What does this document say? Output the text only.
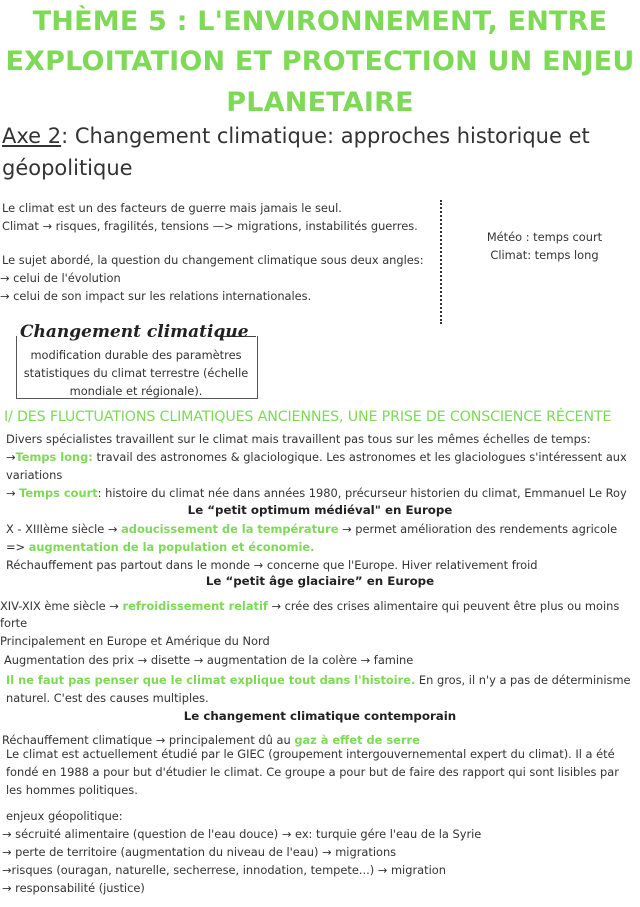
THÈME 5 : L'ENVIRONNEMENT, ENTRE
EXPLOITATION ET PROTECTION UN ENJEU
PLANETAIRE
Axe 2: Changement climatique: approches historique et
géopolitique
Le climat est un des facteurs de guerre mais jamais le seul.
Climat → risques, fragilités, tensions —> migrations, instabilités guerres.
Le sujet abordé, la question du changement climatique sous deux angles:
→ celui de l'évolution
→ celui de son impact sur les relations internationales.
Météo : temps court
Climat: temps long
Changement climatique
modification durable des paramètres
statistiques du climat terrestre (échelle
mondiale et régionale).
I/ DES FLUCTUATIONS CLIMATIQUES ANCIENNES, UNE PRISE DE CONSCIENCE RÉCENTE
Divers spécialistes travaillent sur le climat mais travaillent pas tous sur les mêmes échelles de temps:
→Temps long: travail des astronomes & glaciologique. Les astronomes et les glaciologues s'intéressent aux
variations
→ Temps court: histoire du climat née dans années 1980, précurseur historien du climat, Emmanuel Le Roy
Le “petit optimum médiéval" en Europe
X - XIIIème siècle → adoucissement de la température → permet amélioration des rendements agricole
=> augmentation de la population et économie.
Réchauffement pas partout dans le monde → concerne que l'Europe. Hiver relativement froid
Le “petit âge glaciaire” en Europe
XIV-XIX ème siècle → refroidissement relatif → crée des crises alimentaire qui peuvent être plus ou moins
forte
Principalement en Europe et Amérique du Nord
Augmentation des prix → disette → augmentation de la colère → famine
Il ne faut pas penser que le climat explique tout dans l'histoire. En gros, il n'y a pas de déterminisme
naturel. C'est des causes multiples.
Le changement climatique contemporain
Réchauffement climatique → principalement dû au gaz à effet de serre
Le climat est actuellement étudié par le GIEC (groupement intergouvernemental expert du climat). Il a été
fondé en 1988 a pour but d'étudier le climat. Ce groupe a pour but de faire des rapport qui sont lisibles par
les hommes politiques.
enjeux géopolitique:
→ sécruité alimentaire (question de l'eau douce) → ex: turquie gére l'eau de la Syrie
→ perte de territoire (augmentation du niveau de l'eau) → migrations
→risques (ouragan, naturelle, secherrese, innodation, tempete...) → migration
→ responsabilité (justice)
